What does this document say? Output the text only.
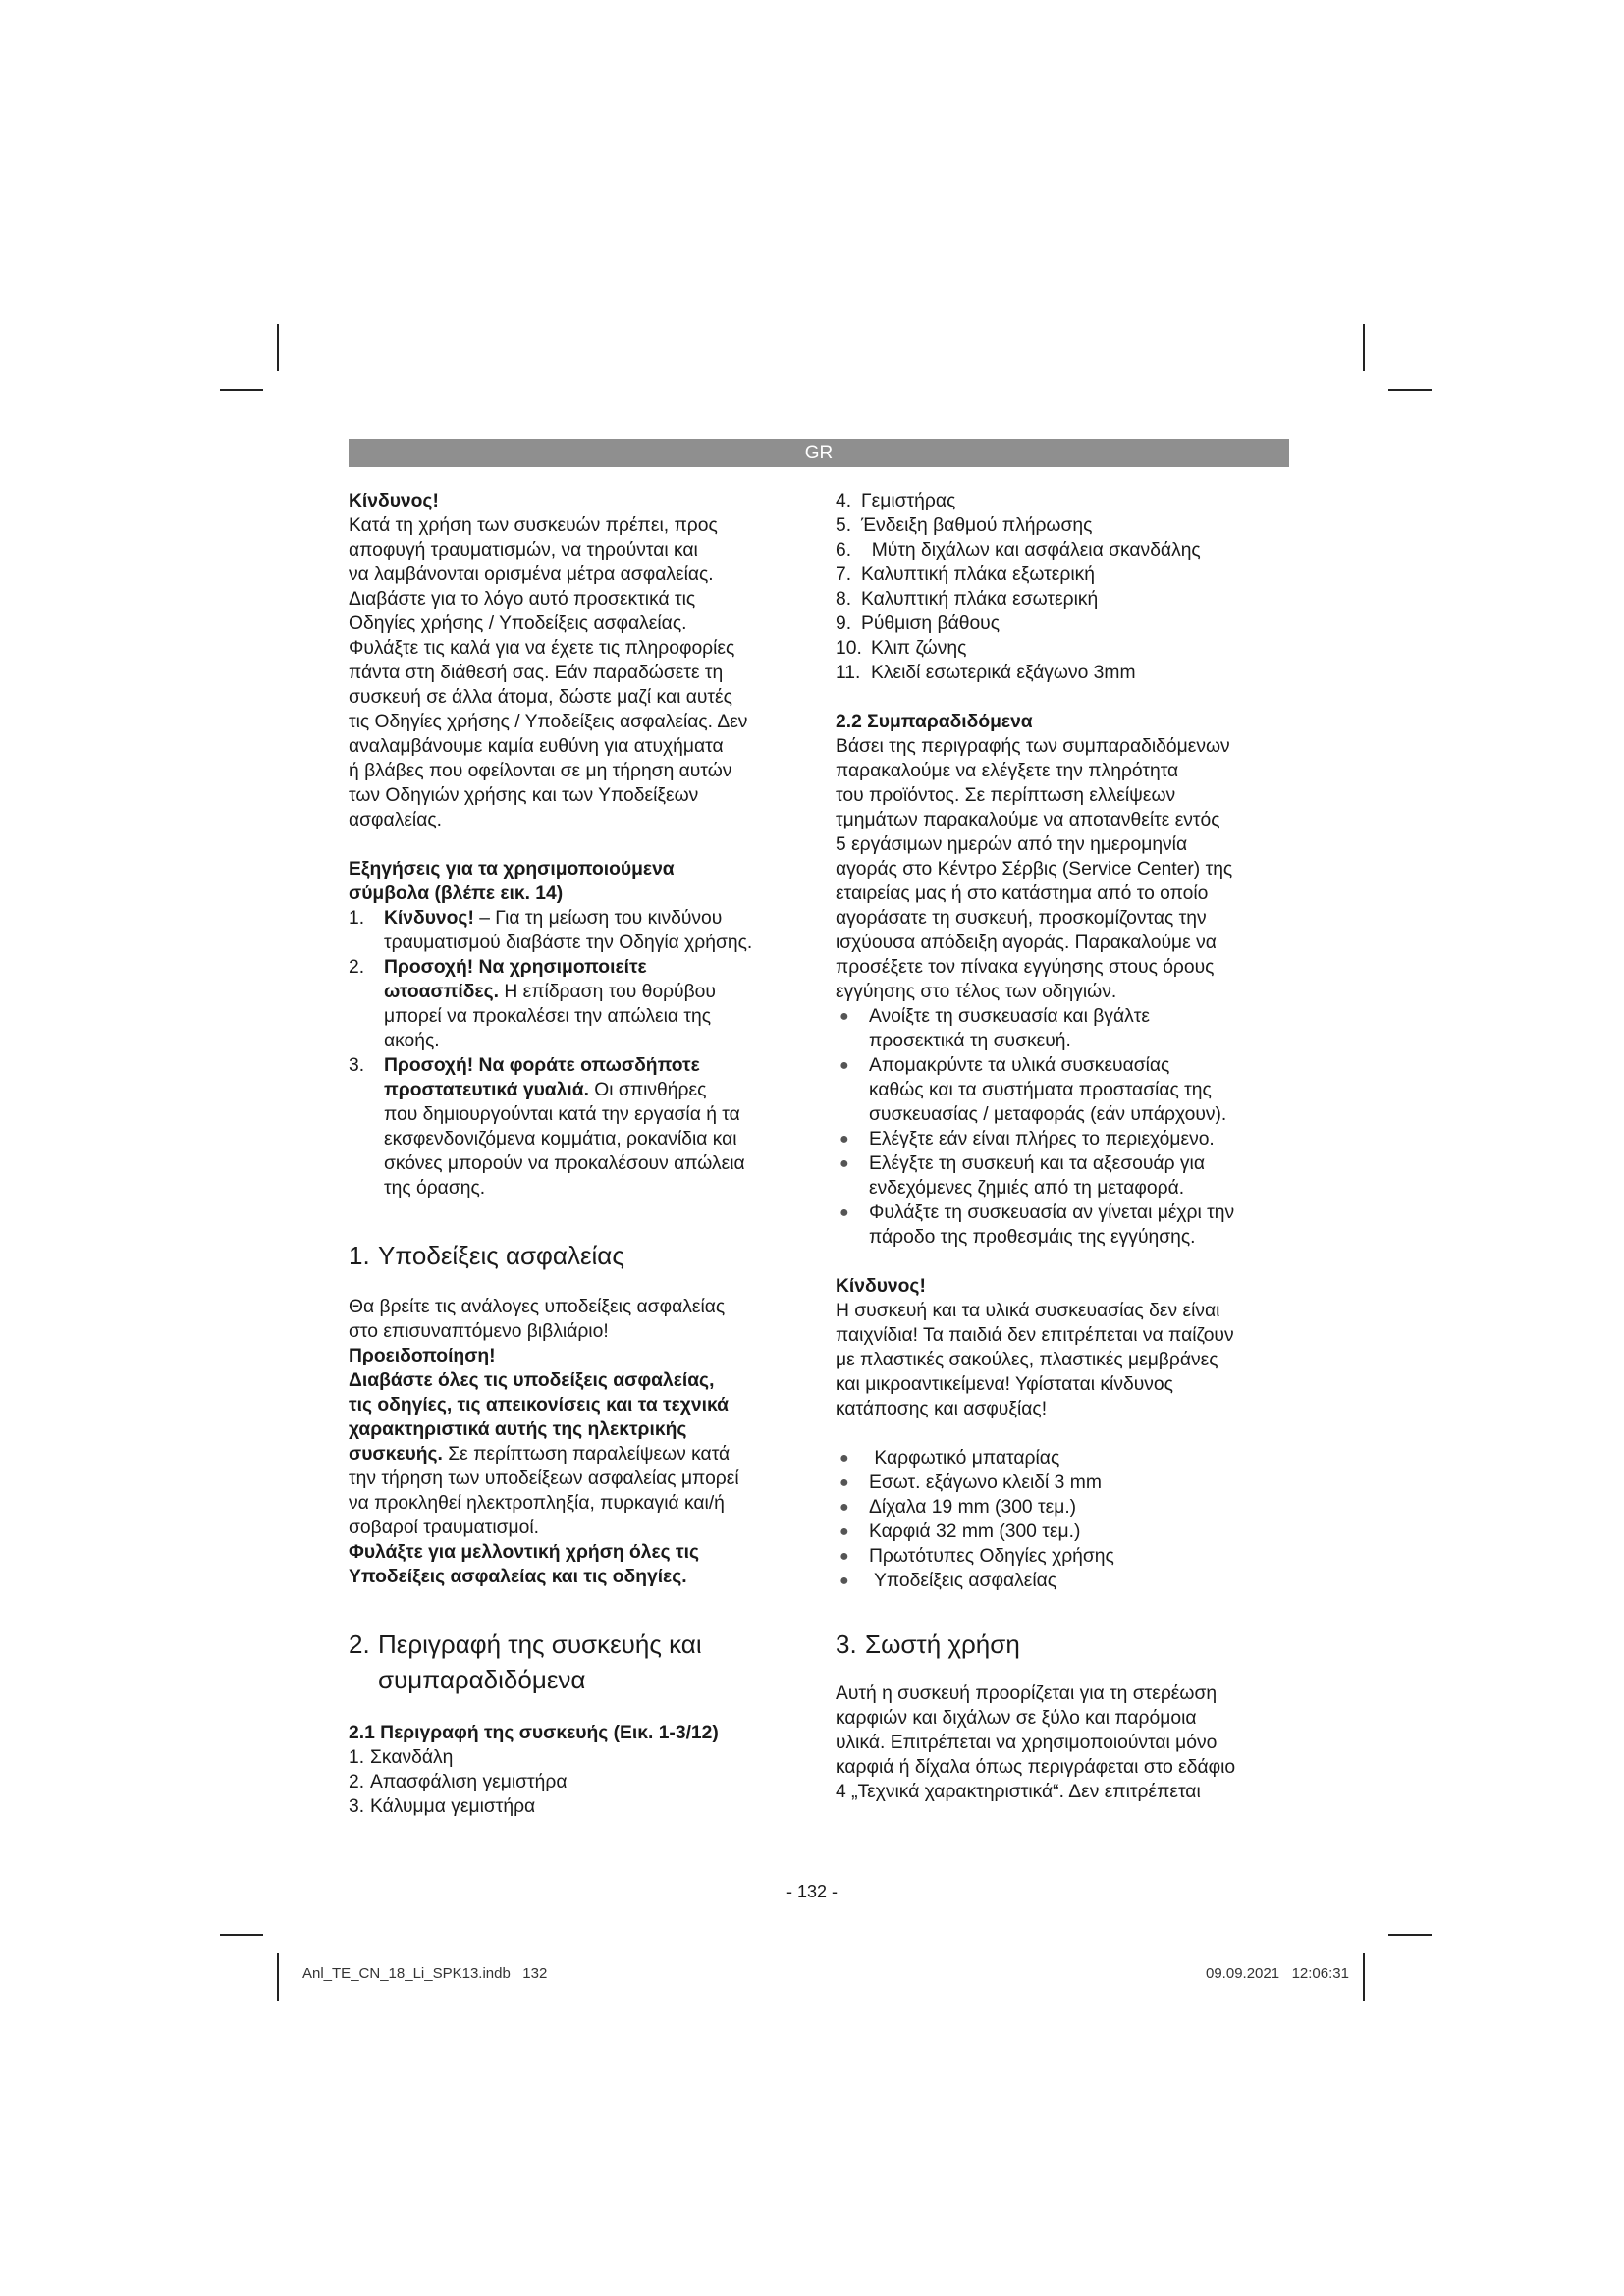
GR

Κίνδυνος!

Κατά τη χρήση των συσκευών πρέπει, προς

αποφυγή τραυματισμών, να τηρούνται και

να λαμβάνονται ορισμένα μέτρα ασφαλείας.

Διαβάστε για το λόγο αυτό προσεκτικά τις

Οδηγίες χρήσης / Υποδείξεις ασφαλείας.

Φυλάξτε τις καλά για να έχετε τις πληροφορίες

πάντα στη διάθεσή σας. Εάν παραδώσετε τη

συσκευή σε άλλα άτομα, δώστε μαζί και αυτές

τις Οδηγίες χρήσης / Υποδείξεις ασφαλείας. Δεν

αναλαμβάνουμε καμία ευθύνη για ατυχήματα

ή βλάβες που οφείλονται σε μη τήρηση αυτών

των Οδηγιών χρήσης και των Υποδείξεων

ασφαλείας.

Εξηγήσεις για τα χρησιμοποιούμενα

σύμβολα (βλέπε εικ. 14)

1. Κίνδυνος! – Για τη μείωση του κινδύνου

τραυματισμού διαβάστε την Οδηγία χρήσης.

2. Προσοχή! Να χρησιμοποιείτε

ωτοασπίδες. Η επίδραση του θορύβου

μπορεί να προκαλέσει την απώλεια της

ακοής.

3. Προσοχή! Να φοράτε οπωσδήποτε

προστατευτικά γυαλιά. Οι σπινθήρες

που δημιουργούνται κατά την εργασία ή τα

εκσφενδονιζόμενα κομμάτια, ροκανίδια και

σκόνες μπορούν να προκαλέσουν απώλεια

της όρασης.

1. Υποδείξεις ασφαλείας

Θα βρείτε τις ανάλογες υποδείξεις ασφαλείας

στο επισυναπτόμενο βιβλιάριο!

Προειδοποίηση!

Διαβάστε όλες τις υποδείξεις ασφαλείας,

τις οδηγίες, τις απεικονίσεις και τα τεχνικά

χαρακτηριστικά αυτής της ηλεκτρικής

συσκευής. Σε περίπτωση παραλείψεων κατά

την τήρηση των υποδείξεων ασφαλείας μπορεί

να προκληθεί ηλεκτροπληξία, πυρκαγιά και/ή

σοβαροί τραυματισμοί.

Φυλάξτε για μελλοντική χρήση όλες τις

Υποδείξεις ασφαλείας και τις οδηγίες.

2. Περιγραφή της συσκευής και
συμπαραδιδόμενα

2.1 Περιγραφή της συσκευής (Εικ. 1-3/12)

1. Σκανδάλη
2. Απασφάλιση γεμιστήρα
3. Κάλυμμα γεμιστήρα
4. Γεμιστήρας
5. Ένδειξη βαθμού πλήρωσης
6. Μύτη διχάλων και ασφάλεια σκανδάλης
7. Καλυπτική πλάκα εξωτερική
8. Καλυπτική πλάκα εσωτερική
9. Ρύθμιση βάθους
10. Κλιπ ζώνης
11. Κλειδί εσωτερικά εξάγωνο 3mm

2.2 Συμπαραδιδόμενα

Βάσει της περιγραφής των συμπαραδιδόμενων

παρακαλούμε να ελέγξετε την πληρότητα

του προϊόντος. Σε περίπτωση ελλείψεων

τμημάτων παρακαλούμε να αποτανθείτε εντός

5 εργάσιμων ημερών από την ημερομηνία

αγοράς στο Κέντρο Σέρβις (Service Center) της

εταιρείας μας ή στο κατάστημα από το οποίο

αγοράσατε τη συσκευή, προσκομίζοντας την

ισχύουσα απόδειξη αγοράς. Παρακαλούμε να

προσέξετε τον πίνακα εγγύησης στους όρους

εγγύησης στο τέλος των οδηγιών.

● Ανοίξτε τη συσκευασία και βγάλτε

προσεκτικά τη συσκευή.

● Απομακρύντε τα υλικά συσκευασίας

καθώς και τα συστήματα προστασίας της

συσκευασίας / μεταφοράς (εάν υπάρχουν).

● Ελέγξτε εάν είναι πλήρες το περιεχόμενο.

● Ελέγξτε τη συσκευή και τα αξεσουάρ για

ενδεχόμενες ζημιές από τη μεταφορά.

● Φυλάξτε τη συσκευασία αν γίνεται μέχρι την

πάροδο της προθεσμάις της εγγύησης.

Κίνδυνος!

Η συσκευή και τα υλικά συσκευασίας δεν είναι

παιχνίδια! Τα παιδιά δεν επιτρέπεται να παίζουν

με πλαστικές σακούλες, πλαστικές μεμβράνες

και μικροαντικείμενα! Υφίσταται κίνδυνος

κατάποσης και ασφυξίας!

● Καρφωτικό μπαταρίας
● Εσωτ. εξάγωνο κλειδί 3 mm
● Δίχαλα 19 mm (300 τεμ.)
● Καρφιά 32 mm (300 τεμ.)
● Πρωτότυπες Οδηγίες χρήσης
● Υποδείξεις ασφαλείας

3. Σωστή χρήση

Αυτή η συσκευή προορίζεται για τη στερέωση

καρφιών και διχάλων σε ξύλο και παρόμοια

υλικά. Επιτρέπεται να χρησιμοποιούνται μόνο

καρφιά ή δίχαλα όπως περιγράφεται στο εδάφιο

4 „Τεχνικά χαρακτηριστικά“. Δεν επιτρέπεται

- 132 -
Anl_TE_CN_18_Li_SPK13.indb   132	09.09.2021   12:06:31
